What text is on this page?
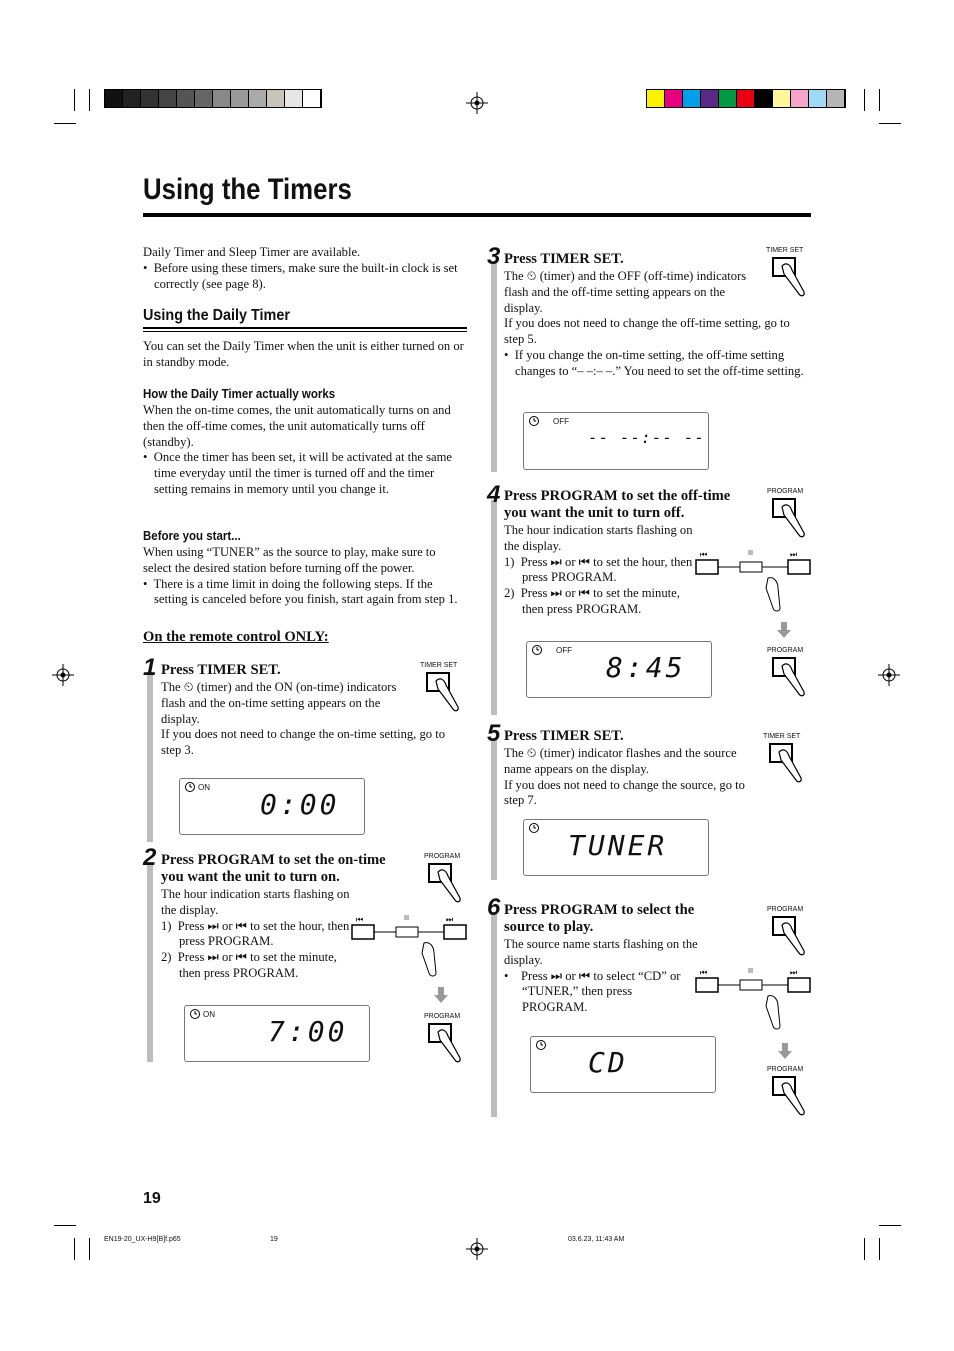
Using the Timers

Daily Timer and Sleep Timer are available.

•  Before using these timers, make sure the built-in clock is set correctly (see page 8).

Using the Daily Timer

You can set the Daily Timer when the unit is either turned on or in standby mode.

How the Daily Timer actually works

When the on-time comes, the unit automatically turns on and then the off-time comes, the unit automatically turns off (standby).

•  Once the timer has been set, it will be activated at the same time everyday until the timer is turned off and the timer setting remains in memory until you change it.

Before you start...

When using “TUNER” as the source to play, make sure to select the desired station before turning off the power.

•  There is a time limit in doing the following steps. If the setting is canceled before you finish, start again from step 1.

On the remote control ONLY:
1 Press TIMER SET.

The ⏲ (timer) and the ON (on-time) indicators flash and the on-time setting appears on the display.

If you does not need to change the on-time setting, go to step 3.

TIMER SET
ON
0:00
2 Press PROGRAM to set the on-time you want the unit to turn on.

The hour indication starts flashing on the display.

1) Press ⏭ or ⏮ to set the hour, then press PROGRAM.

2) Press ⏭ or ⏮ to set the minute, then press PROGRAM.

PROGRAM
⏮	⏭
PROGRAM
ON
7:00
3 Press TIMER SET.

The ⏲ (timer) and the OFF (off-time) indicators flash and the off-time setting appears on the display.

If you does not need to change the off-time setting, go to step 5.

•  If you change the on-time setting, the off-time setting changes to “– –:– –.” You need to set the off-time setting.

TIMER SET
OFF
-- --:-- --
4 Press PROGRAM to set the off-time you want the unit to turn off.

The hour indication starts flashing on the display.

1) Press ⏭ or ⏮ to set the hour, then press PROGRAM.

2) Press ⏭ or ⏮ to set the minute, then press PROGRAM.

PROGRAM
⏮	⏭
PROGRAM
OFF
8:45
5 Press TIMER SET.

The ⏲ (timer) indicator flashes and the source name appears on the display.

If you does not need to change the source, go to step 7.

TIMER SET
TUNER
6 Press PROGRAM to select the source to play.

The source name starts flashing on the display.

•    Press ⏭ or ⏮ to select “CD” or “TUNER,” then press PROGRAM.

PROGRAM
⏮	⏭
PROGRAM
CD
19
EN19-20_UX-H9[B]f.p65	19	03.6.23, 11:43 AM
